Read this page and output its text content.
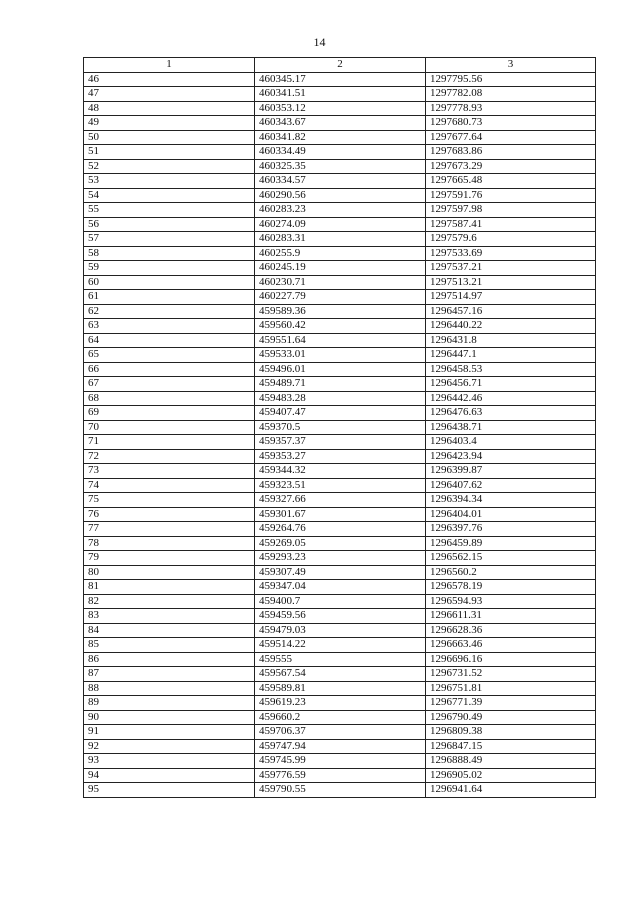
14
1	2	3
46	460345.17	1297795.56
47	460341.51	1297782.08
48	460353.12	1297778.93
49	460343.67	1297680.73
50	460341.82	1297677.64
51	460334.49	1297683.86
52	460325.35	1297673.29
53	460334.57	1297665.48
54	460290.56	1297591.76
55	460283.23	1297597.98
56	460274.09	1297587.41
57	460283.31	1297579.6
58	460255.9	1297533.69
59	460245.19	1297537.21
60	460230.71	1297513.21
61	460227.79	1297514.97
62	459589.36	1296457.16
63	459560.42	1296440.22
64	459551.64	1296431.8
65	459533.01	1296447.1
66	459496.01	1296458.53
67	459489.71	1296456.71
68	459483.28	1296442.46
69	459407.47	1296476.63
70	459370.5	1296438.71
71	459357.37	1296403.4
72	459353.27	1296423.94
73	459344.32	1296399.87
74	459323.51	1296407.62
75	459327.66	1296394.34
76	459301.67	1296404.01
77	459264.76	1296397.76
78	459269.05	1296459.89
79	459293.23	1296562.15
80	459307.49	1296560.2
81	459347.04	1296578.19
82	459400.7	1296594.93
83	459459.56	1296611.31
84	459479.03	1296628.36
85	459514.22	1296663.46
86	459555	1296696.16
87	459567.54	1296731.52
88	459589.81	1296751.81
89	459619.23	1296771.39
90	459660.2	1296790.49
91	459706.37	1296809.38
92	459747.94	1296847.15
93	459745.99	1296888.49
94	459776.59	1296905.02
95	459790.55	1296941.64
